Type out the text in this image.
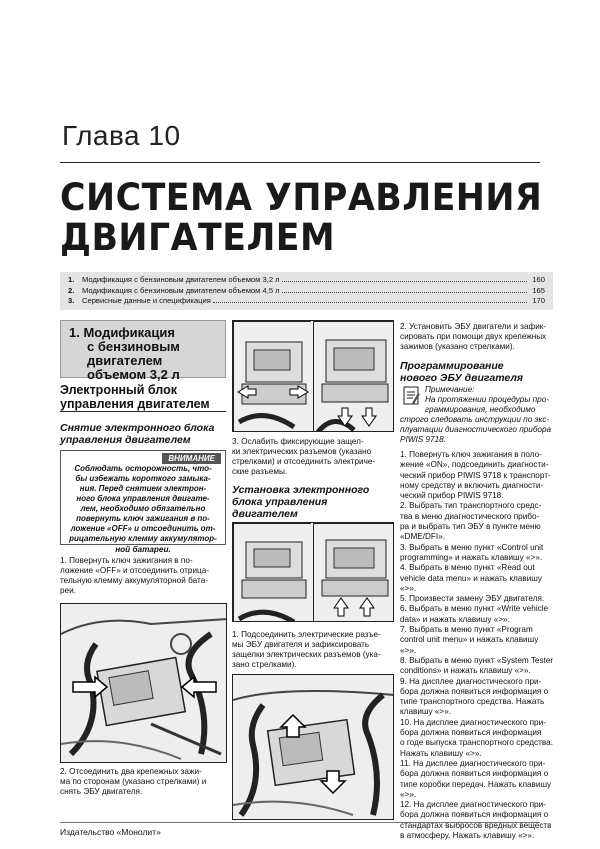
Глава 10
СИСТЕМА УПРАВЛЕНИЯ
ДВИГАТЕЛЕМ
1.	Модификация с бензиновым двигателем объемом 3,2 л	160
2.	Модификация с бензиновым двигателем объемом 4,5 л	165
3.	Сервисные данные и спецификация	170
1. Модификация
с бензиновым
двигателем
объемом 3,2 л
Электронный блок
управления двигателем
Снятие электронного блока
управления двигателем
ВНИМАНИЕ
Соблюдать осторожность, что-
бы избежать короткого замыка-
ния. Перед снятием электрон-
ного блока управления двигате-
лем, необходимо обязательно
повернуть ключ зажигания в по-
ложение «OFF» и отсоединить от-
рицательную клемму аккумулятор-
ной батареи.
1. Повернуть ключ зажигания в по-
ложение «OFF» и отсоединить отрица-
тельную клемму аккумуляторной батa-
реи.
2. Отсоединить два крепежных зажи-
ма по сторонам (указано стрелками) и
снять ЭБУ двигателя.
3. Ослабить фиксирующие защел-
ки электрических разъемов (указано
стрелками) и отсоединить электриче-
ские разъемы.
Установка электронного
блока управления
двигателем
1. Подсоединить электрические разъе-
мы ЭБУ двигателя и зафиксировать
защелки электрических разъемов (ука-
зано стрелками).
2. Установить ЭБУ двигатели и зафик-
сировать при помощи двух крепежных
зажимов (указано стрелками).
Программирование
нового ЭБУ двигателя
Примечание:
На протяжении процедуры про-
граммирования, необходимо
строго следовать инструкции по экс-
плуатации диагностического прибора
PIWIS 9718.
1. Повернуть ключ зажигания в поло-
жение «ON», подсоединить диагности-
ческий прибор PIWIS 9718 к транспорт-
ному средству и включить диагности-
ческий прибор PIWIS 9718.
2. Выбрать тип транспортного средс-
тва в меню диагностического прибо-
ра и выбрать тип ЭБУ в пункте меню
«DME/DFI».
3. Выбрать в меню пункт «Control unit
programming» и нажать клавишу «>».
4. Выбрать в меню пункт «Read out
vehicle data menu» и нажать клавишу
«>».
5. Произвести замену ЭБУ двигателя.
6. Выбрать в меню пункт «Write vehicle
data» и нажать клавишу «>».
7. Выбрать в меню пункт «Program
control unit menu» и нажать клавишу
«>».
8. Выбрать в меню пункт «System Tester
conditions» и нажать клавишу «>».
9. На дисплее диагностического при-
бора должна появиться информация о
типе транспортного средства. Нажать
клавишу «>».
10. На дисплее диагностического при-
бора должна появиться информация
о годе выпуска транспортного средства.
Нажать клавишу «>».
11. На дисплее диагностического при-
бора должна появиться информация о
типе коробки передач. Нажать клавишу
«>».
12. На дисплее диагностического при-
бора должна появиться информация о
стандартах выбросов вредных веществ
в атмосферу. Нажать клавишу «>».
Издательство «Монолит»
